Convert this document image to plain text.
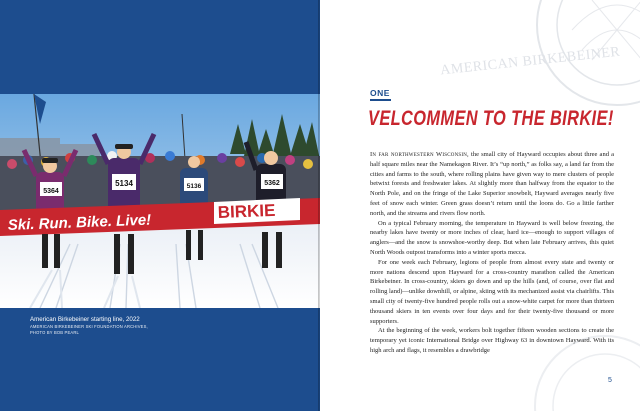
5364
5134	5136	5362
Ski. Run. Bike. Live!
BIRKIE
American Birkebeiner starting line, 2022
AMERICAN BIRKEBEINER SKI FOUNDATION ARCHIVES,
PHOTO BY BOB PEARL
AMERICAN BIRKEBEINER
ONE
VELCOMMEN TO THE BIRKIE!

In far northwestern Wisconsin, the small city of Hayward occupies about three and a half square miles near the Namekagon River. It’s “up north,” as folks say, a land far from the cities and farms to the south, where rolling plains have given way to mere clusters of people betwixt forests and freshwater lakes. At slightly more than halfway from the equator to the North Pole, and on the fringe of the Lake Superior snowbelt, Hayward averages nearly five feet of snow each winter. Green grass doesn’t return until the loons do. Go a little farther north, and the streams and rivers flow north.

On a typical February morning, the temperature in Hayward is well below freezing, the nearby lakes have twenty or more inches of clear, hard ice—enough to support villages of anglers—and the snow is snowshoe-worthy deep. But when late February arrives, this quiet North Woods outpost transforms into a winter sports mecca.

For one week each February, legions of people from almost every state and twenty or more nations descend upon Hayward for a cross-country marathon called the American Birkebeiner. In cross-country, skiers go down and up the hills (and, of course, over flat and rolling land)—unlike downhill, or alpine, skiing with its mechanized assist via chairlifts. This small city of twenty-five hundred people rolls out a snow-white carpet for more than thirteen thousand skiers in ten events over four days and for their twenty-five thousand or more supporters.

At the beginning of the week, workers bolt together fifteen wooden sections to create the temporary yet iconic International Bridge over Highway 63 in downtown Hayward. With its high arch and flags, it resembles a drawbridge

5
